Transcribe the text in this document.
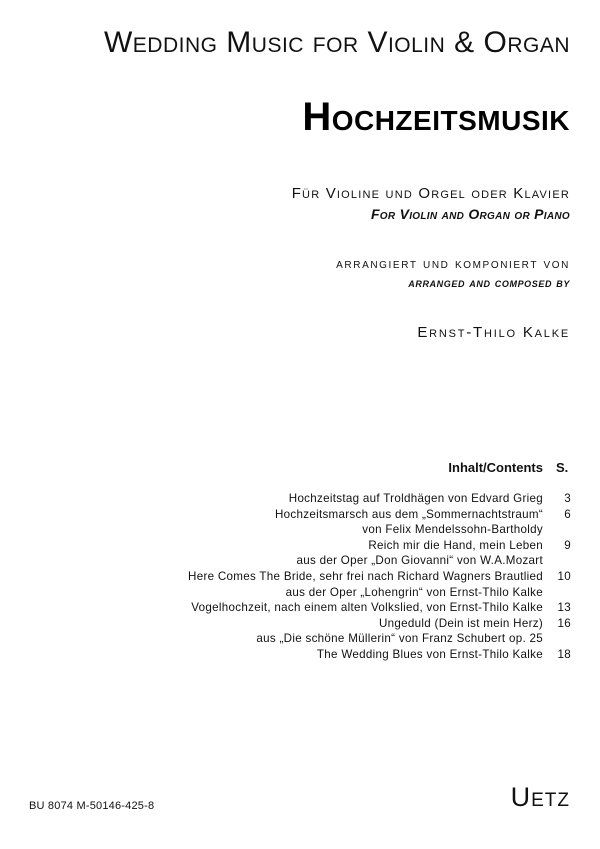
Wedding Music for Violin & Organ
Hochzeitsmusik
Für Violine und Orgel oder Klavier
For Violin and Organ or Piano
arrangiert und komponiert von
arranged and composed by
Ernst-Thilo Kalke
Inhalt/Contents S.
Hochzeitstag auf Troldhägen von Edvard Grieg	3
Hochzeitsmarsch aus dem „Sommernachtstraum“	6
von Felix Mendelssohn-Bartholdy
Reich mir die Hand, mein Leben	9
aus der Oper „Don Giovanni“ von W.A.Mozart
Here Comes The Bride, sehr frei nach Richard Wagners Brautlied	10
aus der Oper „Lohengrin“ von Ernst-Thilo Kalke
Vogelhochzeit, nach einem alten Volkslied, von Ernst-Thilo Kalke	13
Ungeduld (Dein ist mein Herz)	16
aus „Die schöne Müllerin“ von Franz Schubert op. 25
The Wedding Blues von Ernst-Thilo Kalke	18
BU 8074 M-50146-425-8	Uetz
